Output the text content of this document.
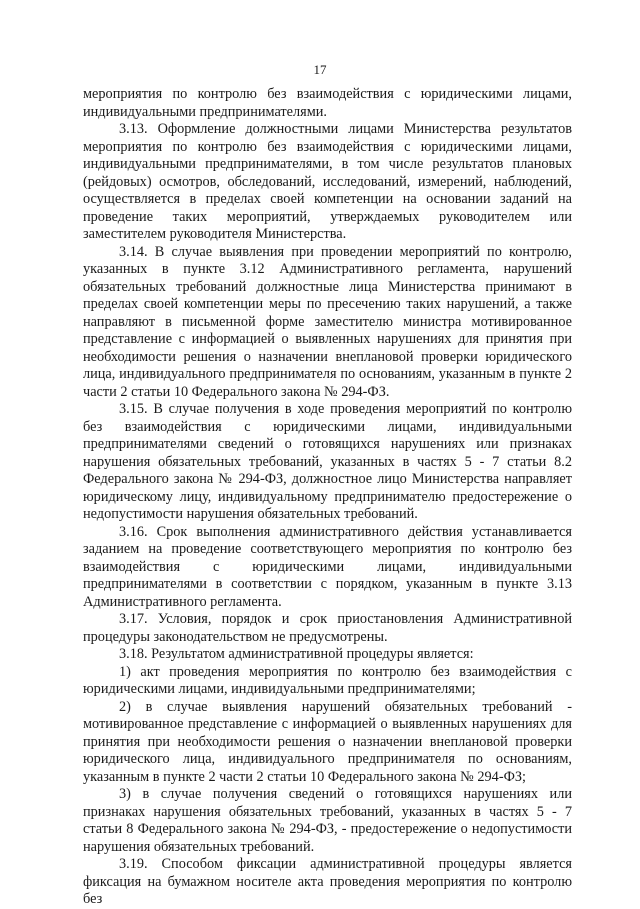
17

мероприятия по контролю без взаимодействия с юридическими лицами, индивидуальными предпринимателями.

3.13. Оформление должностными лицами Министерства результатов мероприятия по контролю без взаимодействия с юридическими лицами, индивидуальными предпринимателями, в том числе результатов плановых (рейдовых) осмотров, обследований, исследований, измерений, наблюдений, осуществляется в пределах своей компетенции на основании заданий на проведение таких мероприятий, утверждаемых руководителем или заместителем руководителя Министерства.

3.14. В случае выявления при проведении мероприятий по контролю, указанных в пункте 3.12 Административного регламента, нарушений обязательных требований должностные лица Министерства принимают в пределах своей компетенции меры по пресечению таких нарушений, а также направляют в письменной форме заместителю министра мотивированное представление с информацией о выявленных нарушениях для принятия при необходимости решения о назначении внеплановой проверки юридического лица, индивидуального предпринимателя по основаниям, указанным в пункте 2 части 2 статьи 10 Федерального закона № 294-ФЗ.

3.15. В случае получения в ходе проведения мероприятий по контролю без взаимодействия с юридическими лицами, индивидуальными предпринимателями сведений о готовящихся нарушениях или признаках нарушения обязательных требований, указанных в частях 5 - 7 статьи 8.2 Федерального закона № 294-ФЗ, должностное лицо Министерства направляет юридическому лицу, индивидуальному предпринимателю предостережение о недопустимости нарушения обязательных требований.

3.16. Срок выполнения административного действия устанавливается заданием на проведение соответствующего мероприятия по контролю без взаимодействия с юридическими лицами, индивидуальными предпринимателями в соответствии с порядком, указанным в пункте 3.13 Административного регламента.

3.17. Условия, порядок и срок приостановления Административной процедуры законодательством не предусмотрены.

3.18. Результатом административной процедуры является:

1) акт проведения мероприятия по контролю без взаимодействия с юридическими лицами, индивидуальными предпринимателями;

2) в случае выявления нарушений обязательных требований - мотивированное представление с информацией о выявленных нарушениях для принятия при необходимости решения о назначении внеплановой проверки юридического лица, индивидуального предпринимателя по основаниям, указанным в пункте 2 части 2 статьи 10 Федерального закона № 294-ФЗ;

3) в случае получения сведений о готовящихся нарушениях или признаках нарушения обязательных требований, указанных в частях 5 - 7 статьи 8 Федерального закона № 294-ФЗ, - предостережение о недопустимости нарушения обязательных требований.

3.19. Способом фиксации административной процедуры является фиксация на бумажном носителе акта проведения мероприятия по контролю без
